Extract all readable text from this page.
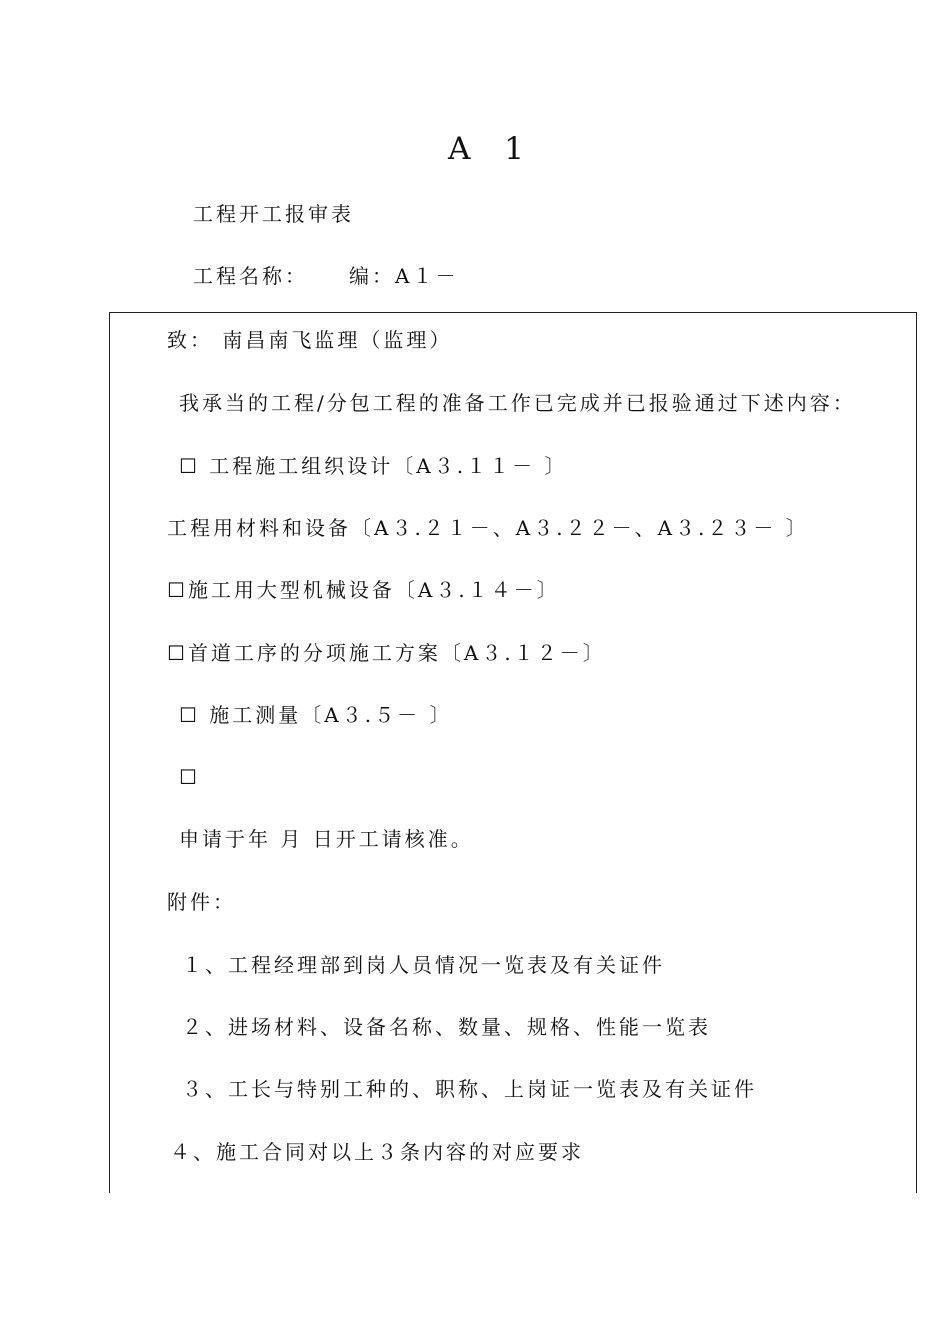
A 1
工程开工报审表
工程名称： 编：A１－
致： 南昌南飞监理（监理）
我承当的工程/分包工程的准备工作已完成并已报验通过下述内容：
☐ 工程施工组织设计〔A３.１１－ 〕
工程用材料和设备〔A３.２１－、A３.２２－、A３.２３－ 〕
☐施工用大型机械设备〔A３.１４－〕
☐首道工序的分项施工方案〔A３.１２－〕
☐ 施工测量〔A３.５－ 〕
☐
申请于年 月 日开工请核准。
附件：
１、工程经理部到岗人员情况一览表及有关证件
２、进场材料、设备名称、数量、规格、性能一览表
３、工长与特别工种的、职称、上岗证一览表及有关证件
４、施工合同对以上３条内容的对应要求
